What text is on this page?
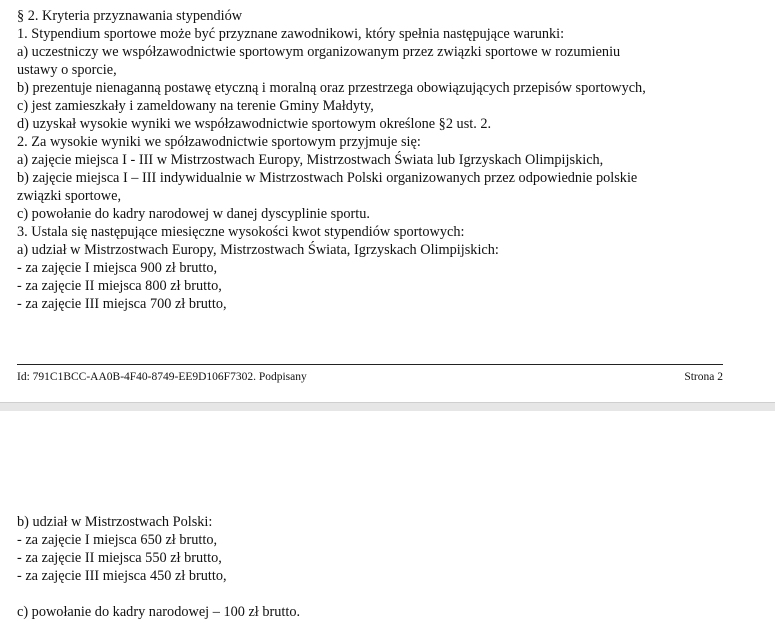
§ 2. Kryteria przyznawania stypendiów
1. Stypendium sportowe może być przyznane zawodnikowi, który spełnia następujące warunki:
a) uczestniczy we współzawodnictwie sportowym organizowanym przez związki sportowe w rozumieniu
ustawy o sporcie,
b) prezentuje nienaganną postawę etyczną i moralną oraz przestrzega obowiązujących przepisów sportowych,
c) jest zamieszkały i zameldowany na terenie Gminy Małdyty,
d) uzyskał wysokie wyniki we współzawodnictwie sportowym określone §2 ust. 2.
2. Za wysokie wyniki we spółzawodnictwie sportowym przyjmuje się:
a) zajęcie miejsca I - III w Mistrzostwach Europy, Mistrzostwach Świata lub Igrzyskach Olimpijskich,
b) zajęcie miejsca I – III indywidualnie w Mistrzostwach Polski organizowanych przez odpowiednie polskie
związki sportowe,
c) powołanie do kadry narodowej w danej dyscyplinie sportu.
3. Ustala się następujące miesięczne wysokości kwot stypendiów sportowych:
a) udział w Mistrzostwach Europy, Mistrzostwach Świata, Igrzyskach Olimpijskich:
- za zajęcie I miejsca 900 zł brutto,
- za zajęcie II miejsca 800 zł brutto,
- za zajęcie III miejsca 700 zł brutto,
Id: 791C1BCC-AA0B-4F40-8749-EE9D106F7302. Podpisany	Strona 2
b) udział w Mistrzostwach Polski:
- za zajęcie I miejsca 650 zł brutto,
- za zajęcie II miejsca 550 zł brutto,
- za zajęcie III miejsca 450 zł brutto,
c) powołanie do kadry narodowej – 100 zł brutto.
